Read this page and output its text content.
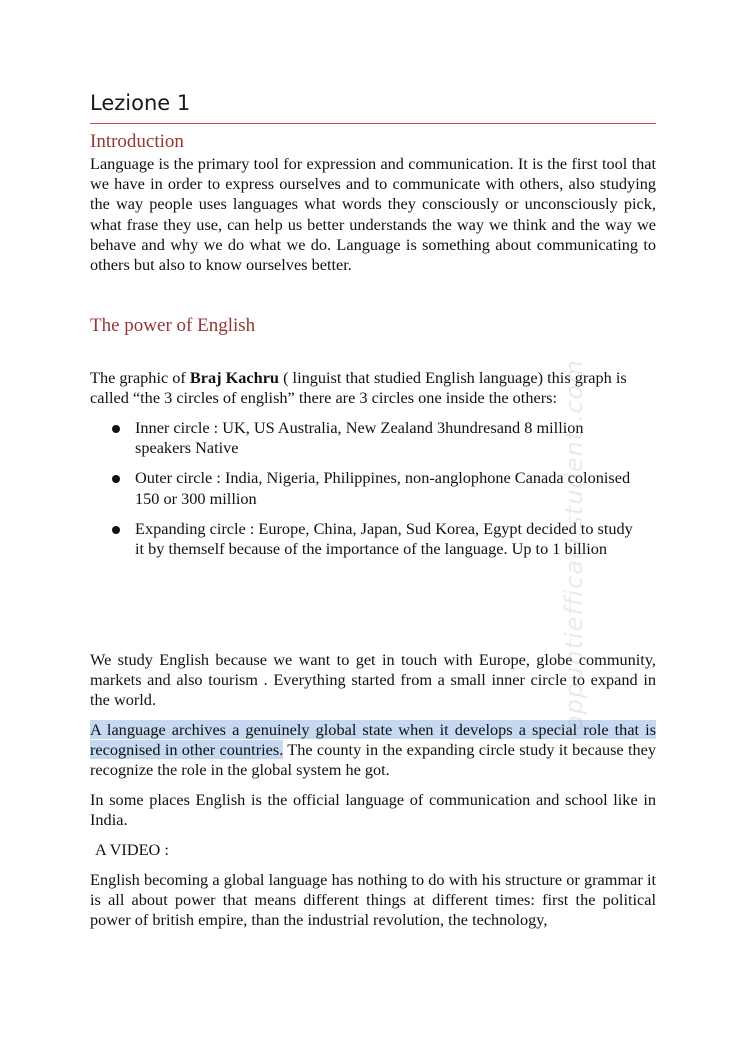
Lezione 1
Introduction

Language is the primary tool for expression and communication. It is the first tool that we have in order to express ourselves and to communicate with others, also studying the way people uses languages what words they consciously or unconsciously pick, what frase they use, can help us better understands the way we think and the way we behave and why we do what we do. Language is something about communicating to others but also to know ourselves better.

The power of English

The graphic of Braj Kachru ( linguist that studied English language) this graph is called “the 3 circles of english” there are 3 circles one inside the others:

Inner circle : UK, US Australia, New Zealand 3hundresand 8 million speakers Native
Outer circle : India, Nigeria, Philippines, non-anglophone Canada colonised 150 or 300 million
Expanding circle : Europe, China, Japan, Sud Korea, Egypt decided to study it by themself because of the importance of the language. Up to 1 billion

We study English because we want to get in touch with Europe, globe community, markets and also tourism . Everything started from a small inner circle to expand in the world.

A language archives a genuinely global state when it develops a special role that is recognised in other countries. The county in the expanding circle study it because they recognize the role in the global system he got.

In some places English is the official language of communication and school like in India.

A VIDEO :

English becoming a global language has nothing to do with his structure or grammar it is all about power that means different things at different times: first the political power of british empire, than the industrial revolution, the technology,

appuntiefficaci.studenti.com
